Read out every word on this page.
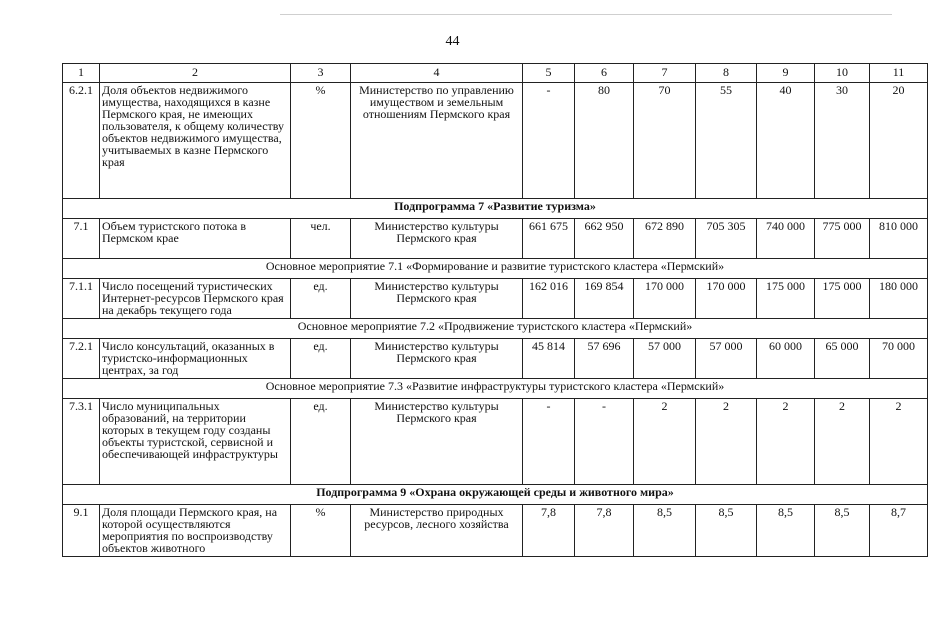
44
1	2	3	4	5	6	7	8	9	10	11
6.2.1	Доля объектов недвижимого имущества, находящихся в казне Пермского края, не имеющих пользователя, к общему количеству объектов недвижимого имущества, учитываемых в казне Пермского края	%	Министерство по управлению имуществом и земельным отношениям Пермского края	-	80	70	55	40	30	20
Подпрограмма 7 «Развитие туризма»										
7.1	Объем туристского потока в Пермском крае	чел.	Министерство культуры Пермского края	661 675	662 950	672 890	705 305	740 000	775 000	810 000
Основное мероприятие 7.1 «Формирование и развитие туристского кластера «Пермский»										
7.1.1	Число посещений туристических Интернет-ресурсов Пермского края на декабрь текущего года	ед.	Министерство культуры Пермского края	162 016	169 854	170 000	170 000	175 000	175 000	180 000
Основное мероприятие 7.2 «Продвижение туристского кластера «Пермский»										
7.2.1	Число консультаций, оказанных в туристско-информационных центрах, за год	ед.	Министерство культуры Пермского края	45 814	57 696	57 000	57 000	60 000	65 000	70 000
Основное мероприятие 7.3 «Развитие инфраструктуры туристского кластера «Пермский»										
7.3.1	Число муниципальных образований, на территории которых в текущем году созданы объекты туристской, сервисной и обеспечивающей инфраструктуры	ед.	Министерство культуры Пермского края	-	-	2	2	2	2	2
Подпрограмма 9 «Охрана окружающей среды и животного мира»										
9.1	Доля площади Пермского края, на которой осуществляются мероприятия по воспроизводству объектов животного	%	Министерство природных ресурсов, лесного хозяйства	7,8	7,8	8,5	8,5	8,5	8,5	8,7
